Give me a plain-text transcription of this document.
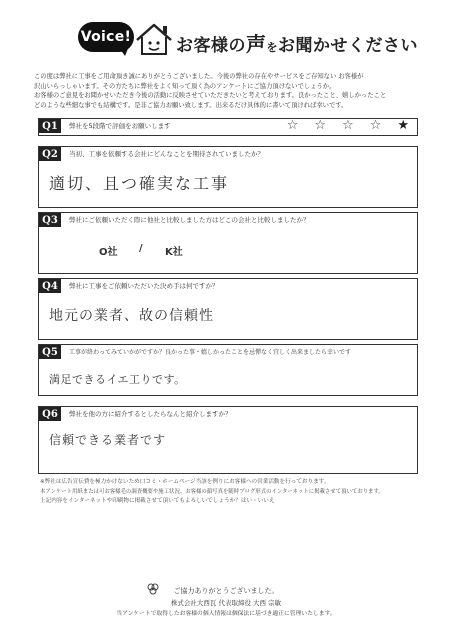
Voice!	お客様の声をお聞かせください

この度は弊社に工事をご用命頂き誠にありがとうございました。今後の弊社の存在やサービスをご存知ない お客様が

沢山いらっしゃいます。その方たちに弊社をよく知って頂く為のアンケートにご協力頂けないでしょうか。

お客様のご意見をお聞かせいただき今後の活動に反映させていただきたいと考えております。良かったこと、嬉しかったこと

どのような些細な事でも結構です。是非ご協力お願い致します。出来るだけ具体的に書いて頂ければ幸いです。

Q1	弊社を5段階で評価をお願いします	☆ ☆ ☆ ☆ ★
Q2	当初、工事を依頼する会社にどんなことを期待されていましたか？
適切、且つ確実な工事
Q3	弊社にご依頼いただく際に他社と比較しました方はどこの会社と比較しましたか？
O社 / K社
Q4	弊社に工事をご依頼いただいた決め手は何ですか？
地元の業者、故の信頼性
Q5	工事が終わってみていかがですか？良かった事・嬉しかったことを忌憚なく宜しく出来ましたら幸いです
満足できるイエ工りです。
Q6	弊社を他の方に紹介するとしたらなんと紹介しますか？
信頼できる業者です

※弊社は広告宣伝費を極力かけないため口コミ・ホームページ当該を例りにお客様への営業活動を行っております。

本アンケート用紙または可お客様毛の調査概要や施工状況、お客様の顔写真を随時ブログ形式のインターネットに掲載させて頂いております。

上記内容をインターネットや印刷物に掲載させて頂いてもよろしいでしょうか？ はい ・ いいえ

ご協力ありがとうございました。
株式会社大西瓦 代表取締役 大西 宗敏
当アンケートで取得したお客様の個人情報は個保法に基づき適正に管理いたします。
